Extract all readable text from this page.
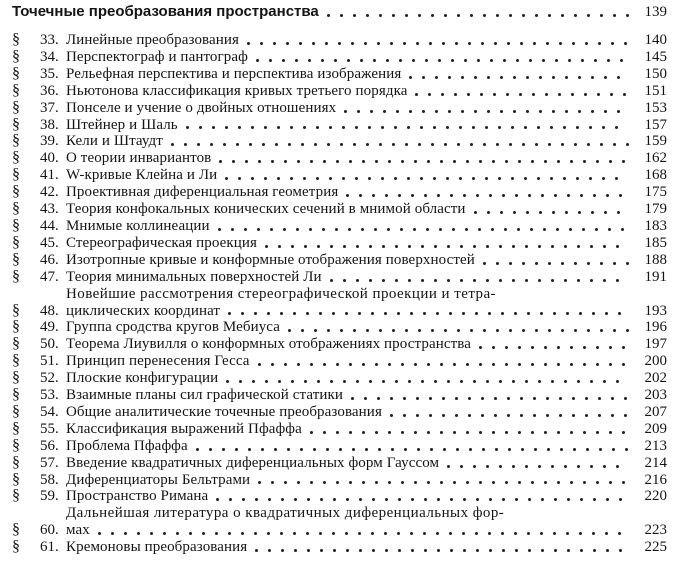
Точечные преобразования пространства	139
§	33. Линейные преобразования	140
§	34. Перспектограф и пантограф	145
§	35. Рельефная перспектива и перспектива изображения	150
§	36. Ньютонова классификация кривых третьего порядка	151
§	37. Понселе и учение о двойных отношениях	153
§	38. Штейнер и Шаль	157
§	39. Кели и Штаудт	159
§	40. О теории инвариантов	162
§	41. W-кривые Клейна и Ли	168
§	42. Проективная диференциальная геометрия	175
§	43. Теория конфокальных конических сечений в мнимой области	179
§	44. Мнимые коллинеации	183
§	45. Стереографическая проекция	185
§	46. Изотропные кривые и конформные отображения поверхностей	188
§	47. Теория минимальных поверхностей Ли	191
§	48.
Новейшие рассмотрения стереографической проекции и тетра-
циклических координат	193
§	49. Группа сродства кругов Мебиуса	196
§	50. Теорема Лиувилля о конформных отображениях пространства	197
§	51. Принцип перенесения Гесса	200
§	52. Плоские конфигурации	202
§	53. Взаимные планы сил графической статики	203
§	54. Общие аналитические точечные преобразования	207
§	55. Классификация выражений Пфаффа	209
§	56. Проблема Пфаффа	213
§	57. Введение квадратичных диференциальных форм Гауссом	214
§	58. Диференциаторы Бельтрами	216
§	59. Пространство Римана	220
§	60.
Дальнейшая литература о квадратичных диференциальных фор-
мах	223
§	61. Кремоновы преобразования	225
